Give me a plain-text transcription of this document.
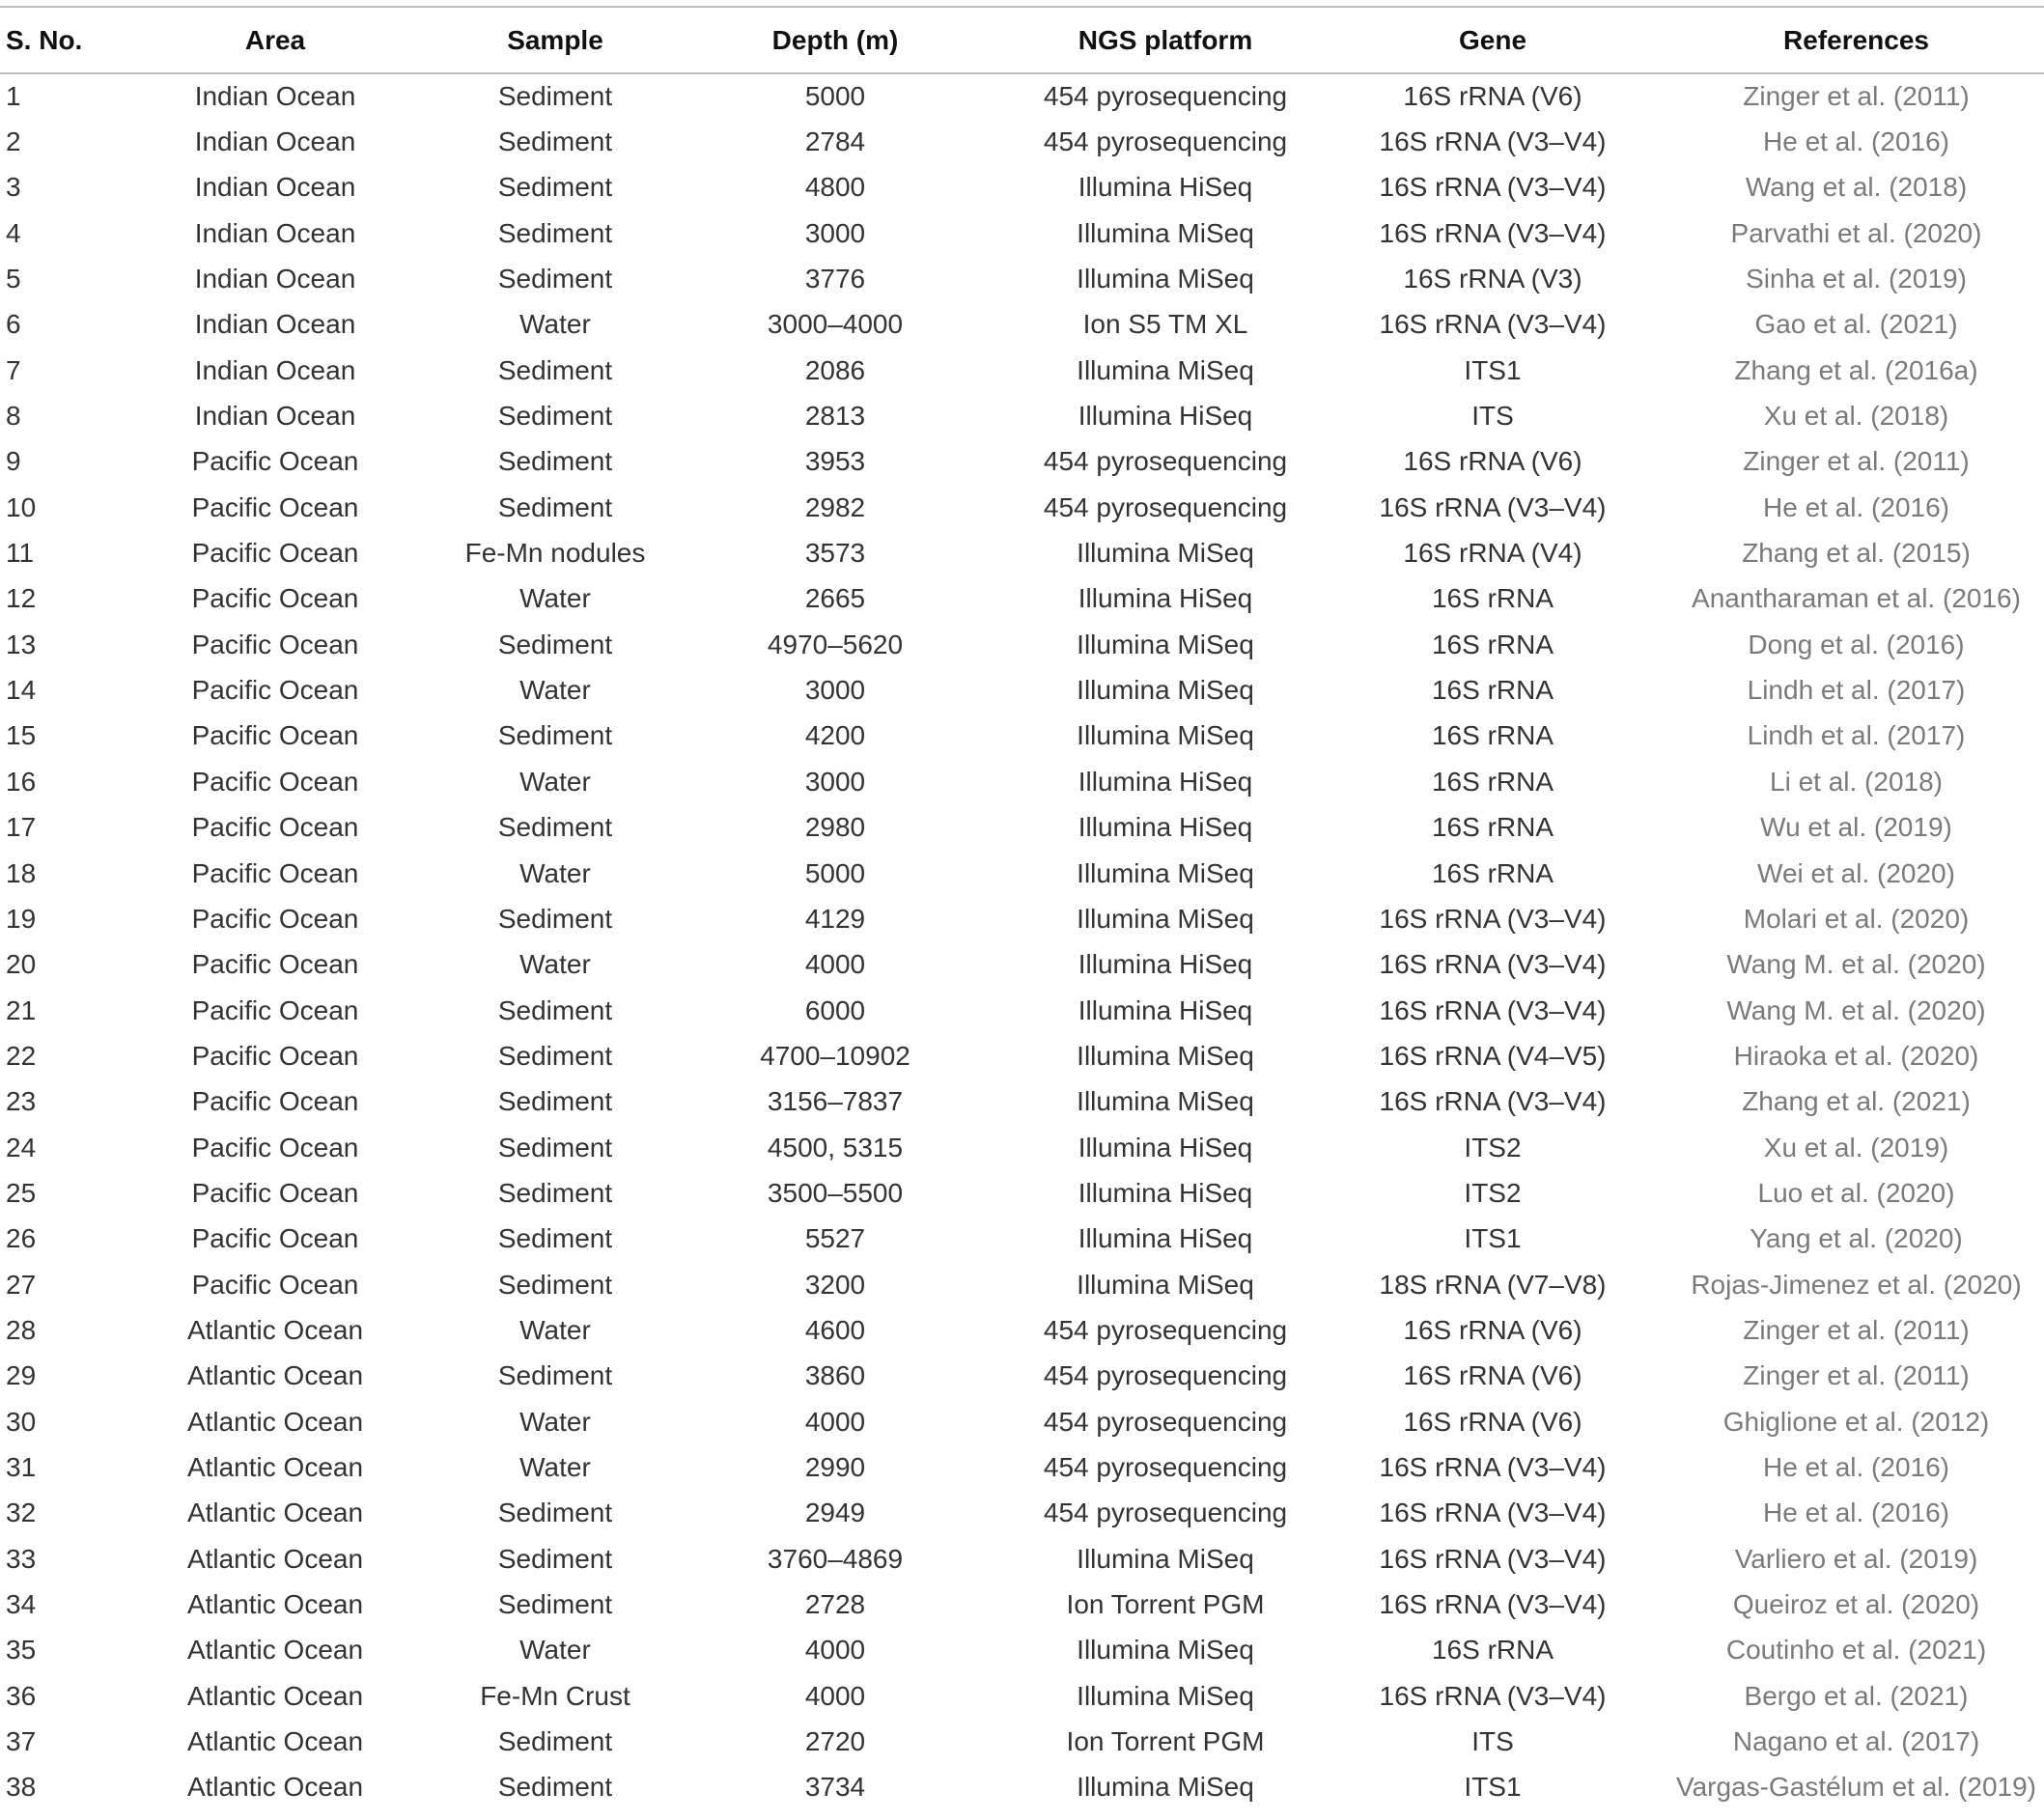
S. No.	Area	Sample	Depth (m)	NGS platform	Gene	References
1	Indian Ocean	Sediment	5000	454 pyrosequencing	16S rRNA (V6)	Zinger et al. (2011)
2	Indian Ocean	Sediment	2784	454 pyrosequencing	16S rRNA (V3–V4)	He et al. (2016)
3	Indian Ocean	Sediment	4800	Illumina HiSeq	16S rRNA (V3–V4)	Wang et al. (2018)
4	Indian Ocean	Sediment	3000	Illumina MiSeq	16S rRNA (V3–V4)	Parvathi et al. (2020)
5	Indian Ocean	Sediment	3776	Illumina MiSeq	16S rRNA (V3)	Sinha et al. (2019)
6	Indian Ocean	Water	3000–4000	Ion S5 TM XL	16S rRNA (V3–V4)	Gao et al. (2021)
7	Indian Ocean	Sediment	2086	Illumina MiSeq	ITS1	Zhang et al. (2016a)
8	Indian Ocean	Sediment	2813	Illumina HiSeq	ITS	Xu et al. (2018)
9	Pacific Ocean	Sediment	3953	454 pyrosequencing	16S rRNA (V6)	Zinger et al. (2011)
10	Pacific Ocean	Sediment	2982	454 pyrosequencing	16S rRNA (V3–V4)	He et al. (2016)
11	Pacific Ocean	Fe-Mn nodules	3573	Illumina MiSeq	16S rRNA (V4)	Zhang et al. (2015)
12	Pacific Ocean	Water	2665	Illumina HiSeq	16S rRNA	Anantharaman et al. (2016)
13	Pacific Ocean	Sediment	4970–5620	Illumina MiSeq	16S rRNA	Dong et al. (2016)
14	Pacific Ocean	Water	3000	Illumina MiSeq	16S rRNA	Lindh et al. (2017)
15	Pacific Ocean	Sediment	4200	Illumina MiSeq	16S rRNA	Lindh et al. (2017)
16	Pacific Ocean	Water	3000	Illumina HiSeq	16S rRNA	Li et al. (2018)
17	Pacific Ocean	Sediment	2980	Illumina HiSeq	16S rRNA	Wu et al. (2019)
18	Pacific Ocean	Water	5000	Illumina MiSeq	16S rRNA	Wei et al. (2020)
19	Pacific Ocean	Sediment	4129	Illumina MiSeq	16S rRNA (V3–V4)	Molari et al. (2020)
20	Pacific Ocean	Water	4000	Illumina HiSeq	16S rRNA (V3–V4)	Wang M. et al. (2020)
21	Pacific Ocean	Sediment	6000	Illumina HiSeq	16S rRNA (V3–V4)	Wang M. et al. (2020)
22	Pacific Ocean	Sediment	4700–10902	Illumina MiSeq	16S rRNA (V4–V5)	Hiraoka et al. (2020)
23	Pacific Ocean	Sediment	3156–7837	Illumina MiSeq	16S rRNA (V3–V4)	Zhang et al. (2021)
24	Pacific Ocean	Sediment	4500, 5315	Illumina HiSeq	ITS2	Xu et al. (2019)
25	Pacific Ocean	Sediment	3500–5500	Illumina HiSeq	ITS2	Luo et al. (2020)
26	Pacific Ocean	Sediment	5527	Illumina HiSeq	ITS1	Yang et al. (2020)
27	Pacific Ocean	Sediment	3200	Illumina MiSeq	18S rRNA (V7–V8)	Rojas-Jimenez et al. (2020)
28	Atlantic Ocean	Water	4600	454 pyrosequencing	16S rRNA (V6)	Zinger et al. (2011)
29	Atlantic Ocean	Sediment	3860	454 pyrosequencing	16S rRNA (V6)	Zinger et al. (2011)
30	Atlantic Ocean	Water	4000	454 pyrosequencing	16S rRNA (V6)	Ghiglione et al. (2012)
31	Atlantic Ocean	Water	2990	454 pyrosequencing	16S rRNA (V3–V4)	He et al. (2016)
32	Atlantic Ocean	Sediment	2949	454 pyrosequencing	16S rRNA (V3–V4)	He et al. (2016)
33	Atlantic Ocean	Sediment	3760–4869	Illumina MiSeq	16S rRNA (V3–V4)	Varliero et al. (2019)
34	Atlantic Ocean	Sediment	2728	Ion Torrent PGM	16S rRNA (V3–V4)	Queiroz et al. (2020)
35	Atlantic Ocean	Water	4000	Illumina MiSeq	16S rRNA	Coutinho et al. (2021)
36	Atlantic Ocean	Fe-Mn Crust	4000	Illumina MiSeq	16S rRNA (V3–V4)	Bergo et al. (2021)
37	Atlantic Ocean	Sediment	2720	Ion Torrent PGM	ITS	Nagano et al. (2017)
38	Atlantic Ocean	Sediment	3734	Illumina MiSeq	ITS1	Vargas-Gastélum et al. (2019)
